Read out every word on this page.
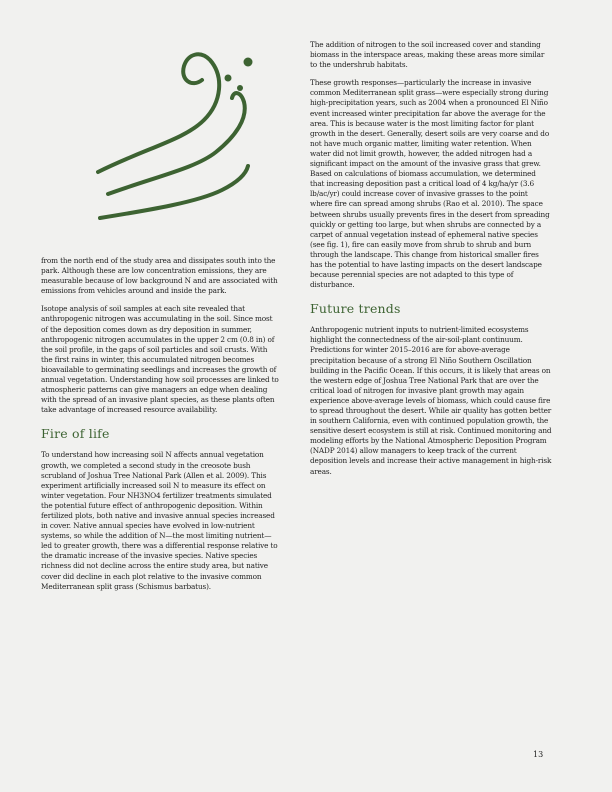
from the north end of the study area and dissipates south into the park. Although these are low concentration emissions, they are measurable because of low background N and are associated with emissions from vehicles around and inside the park.

Isotope analysis of soil samples at each site revealed that anthropogenic nitrogen was accumulating in the soil. Since most of the deposition comes down as dry deposition in summer, anthropogenic nitrogen accumulates in the upper 2 cm (0.8 in) of the soil profile, in the gaps of soil particles and soil crusts. With the first rains in winter, this accumulated nitrogen becomes bioavailable to germinating seedlings and increases the growth of annual vegetation. Understanding how soil processes are linked to atmospheric patterns can give managers an edge when dealing with the spread of an invasive plant species, as these plants often take advantage of increased resource availability.

Fire of life

To understand how increasing soil N affects annual vegetation growth, we completed a second study in the creosote bush scrubland of Joshua Tree National Park (Allen et al. 2009). This experiment artificially increased soil N to measure its effect on winter vegetation. Four NH3NO4 fertilizer treatments simulated the potential future effect of anthropogenic deposition. Within fertilized plots, both native and invasive annual species increased in cover. Native annual species have evolved in low-nutrient systems, so while the addition of N—the most limiting nutrient—led to greater growth, there was a differential response relative to the dramatic increase of the invasive species. Native species richness did not decline across the entire study area, but native cover did decline in each plot relative to the invasive common Mediterranean split grass (Schismus barbatus).

The addition of nitrogen to the soil increased cover and standing biomass in the interspace areas, making these areas more similar to the undershrub habitats.

These growth responses—particularly the increase in invasive common Mediterranean split grass—were especially strong during high-precipitation years, such as 2004 when a pronounced El Niño event increased winter precipitation far above the average for the area. This is because water is the most limiting factor for plant growth in the desert. Generally, desert soils are very coarse and do not have much organic matter, limiting water retention. When water did not limit growth, however, the added nitrogen had a significant impact on the amount of the invasive grass that grew. Based on calculations of biomass accumulation, we determined that increasing deposition past a critical load of 4 kg/ha/yr (3.6 lb/ac/yr) could increase cover of invasive grasses to the point where fire can spread among shrubs (Rao et al. 2010). The space between shrubs usually prevents fires in the desert from spreading quickly or getting too large, but when shrubs are connected by a carpet of annual vegetation instead of ephemeral native species (see fig. 1), fire can easily move from shrub to shrub and burn through the landscape. This change from historical smaller fires has the potential to have lasting impacts on the desert landscape because perennial species are not adapted to this type of disturbance.

Future trends

Anthropogenic nutrient inputs to nutrient-limited ecosystems highlight the connectedness of the air-soil-plant continuum. Predictions for winter 2015–2016 are for above-average precipitation because of a strong El Niño Southern Oscillation building in the Pacific Ocean. If this occurs, it is likely that areas on the western edge of Joshua Tree National Park that are over the critical load of nitrogen for invasive plant growth may again experience above-average levels of biomass, which could cause fire to spread throughout the desert. While air quality has gotten better in southern California, even with continued population growth, the sensitive desert ecosystem is still at risk. Continued monitoring and modeling efforts by the National Atmospheric Deposition Program (NADP 2014) allow managers to keep track of the current deposition levels and increase their active management in high-risk areas.

13
